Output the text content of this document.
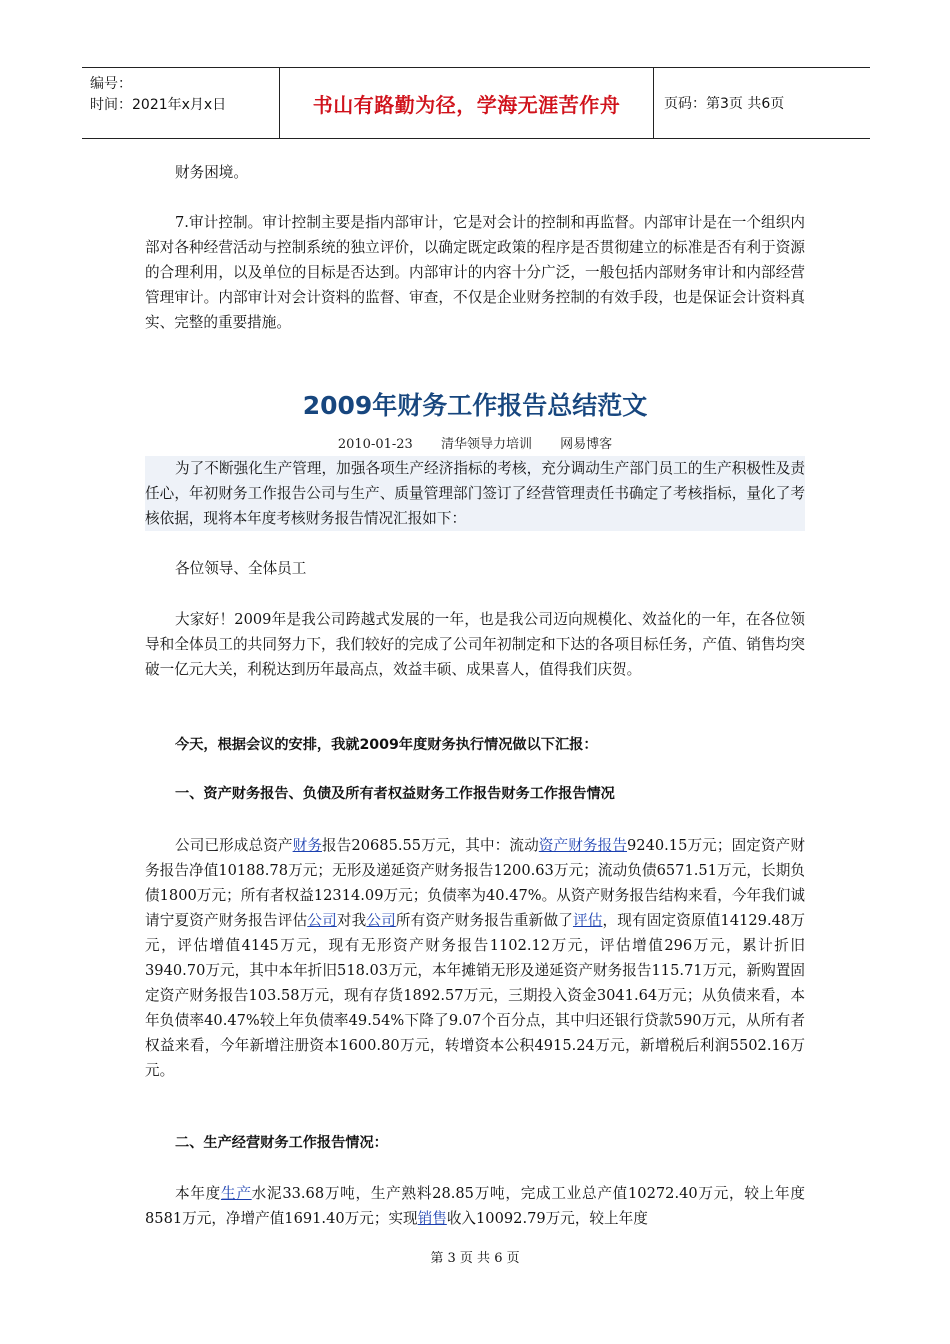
编号：
时间：2021年x月x日	书山有路勤为径，学海无涯苦作舟	页码：第3页 共6页
财务困境。
7.审计控制。审计控制主要是指内部审计，它是对会计的控制和再监督。内部审计是在一个组织内部对各种经营活动与控制系统的独立评价，以确定既定政策的程序是否贯彻建立的标准是否有利于资源的合理利用，以及单位的目标是否达到。内部审计的内容十分广泛，一般包括内部财务审计和内部经营管理审计。内部审计对会计资料的监督、审查，不仅是企业财务控制的有效手段，也是保证会计资料真实、完整的重要措施。
2009年财务工作报告总结范文
2010-01-23 清华领导力培训 网易博客
为了不断强化生产管理，加强各项生产经济指标的考核，充分调动生产部门员工的生产积极性及责任心，年初财务工作报告公司与生产、质量管理部门签订了经营管理责任书确定了考核指标，量化了考核依据，现将本年度考核财务报告情况汇报如下：
各位领导、全体员工
大家好！2009年是我公司跨越式发展的一年，也是我公司迈向规模化、效益化的一年，在各位领导和全体员工的共同努力下，我们较好的完成了公司年初制定和下达的各项目标任务，产值、销售均突破一亿元大关，利税达到历年最高点，效益丰硕、成果喜人，值得我们庆贺。
今天，根据会议的安排，我就2009年度财务执行情况做以下汇报：
一、资产财务报告、负债及所有者权益财务工作报告财务工作报告情况
公司已形成总资产财务报告20685.55万元，其中：流动资产财务报告9240.15万元；固定资产财务报告净值10188.78万元；无形及递延资产财务报告1200.63万元；流动负债6571.51万元，长期负债1800万元；所有者权益12314.09万元；负债率为40.47%。从资产财务报告结构来看，今年我们诚请宁夏资产财务报告评估公司对我公司所有资产财务报告重新做了评估，现有固定资原值14129.48万元，评估增值4145万元，现有无形资产财务报告1102.12万元，评估增值296万元，累计折旧3940.70万元，其中本年折旧518.03万元，本年摊销无形及递延资产财务报告115.71万元，新购置固定资产财务报告103.58万元，现有存货1892.57万元，三期投入资金3041.64万元；从负债来看，本年负债率40.47%较上年负债率49.54%下降了9.07个百分点，其中归还银行贷款590万元，从所有者权益来看，今年新增注册资本1600.80万元，转增资本公积4915.24万元，新增税后利润5502.16万元。
二、生产经营财务工作报告情况：
本年度生产水泥33.68万吨，生产熟料28.85万吨，完成工业总产值10272.40万元，较上年度8581万元，净增产值1691.40万元；实现销售收入10092.79万元，较上年度
第 3 页 共 6 页
